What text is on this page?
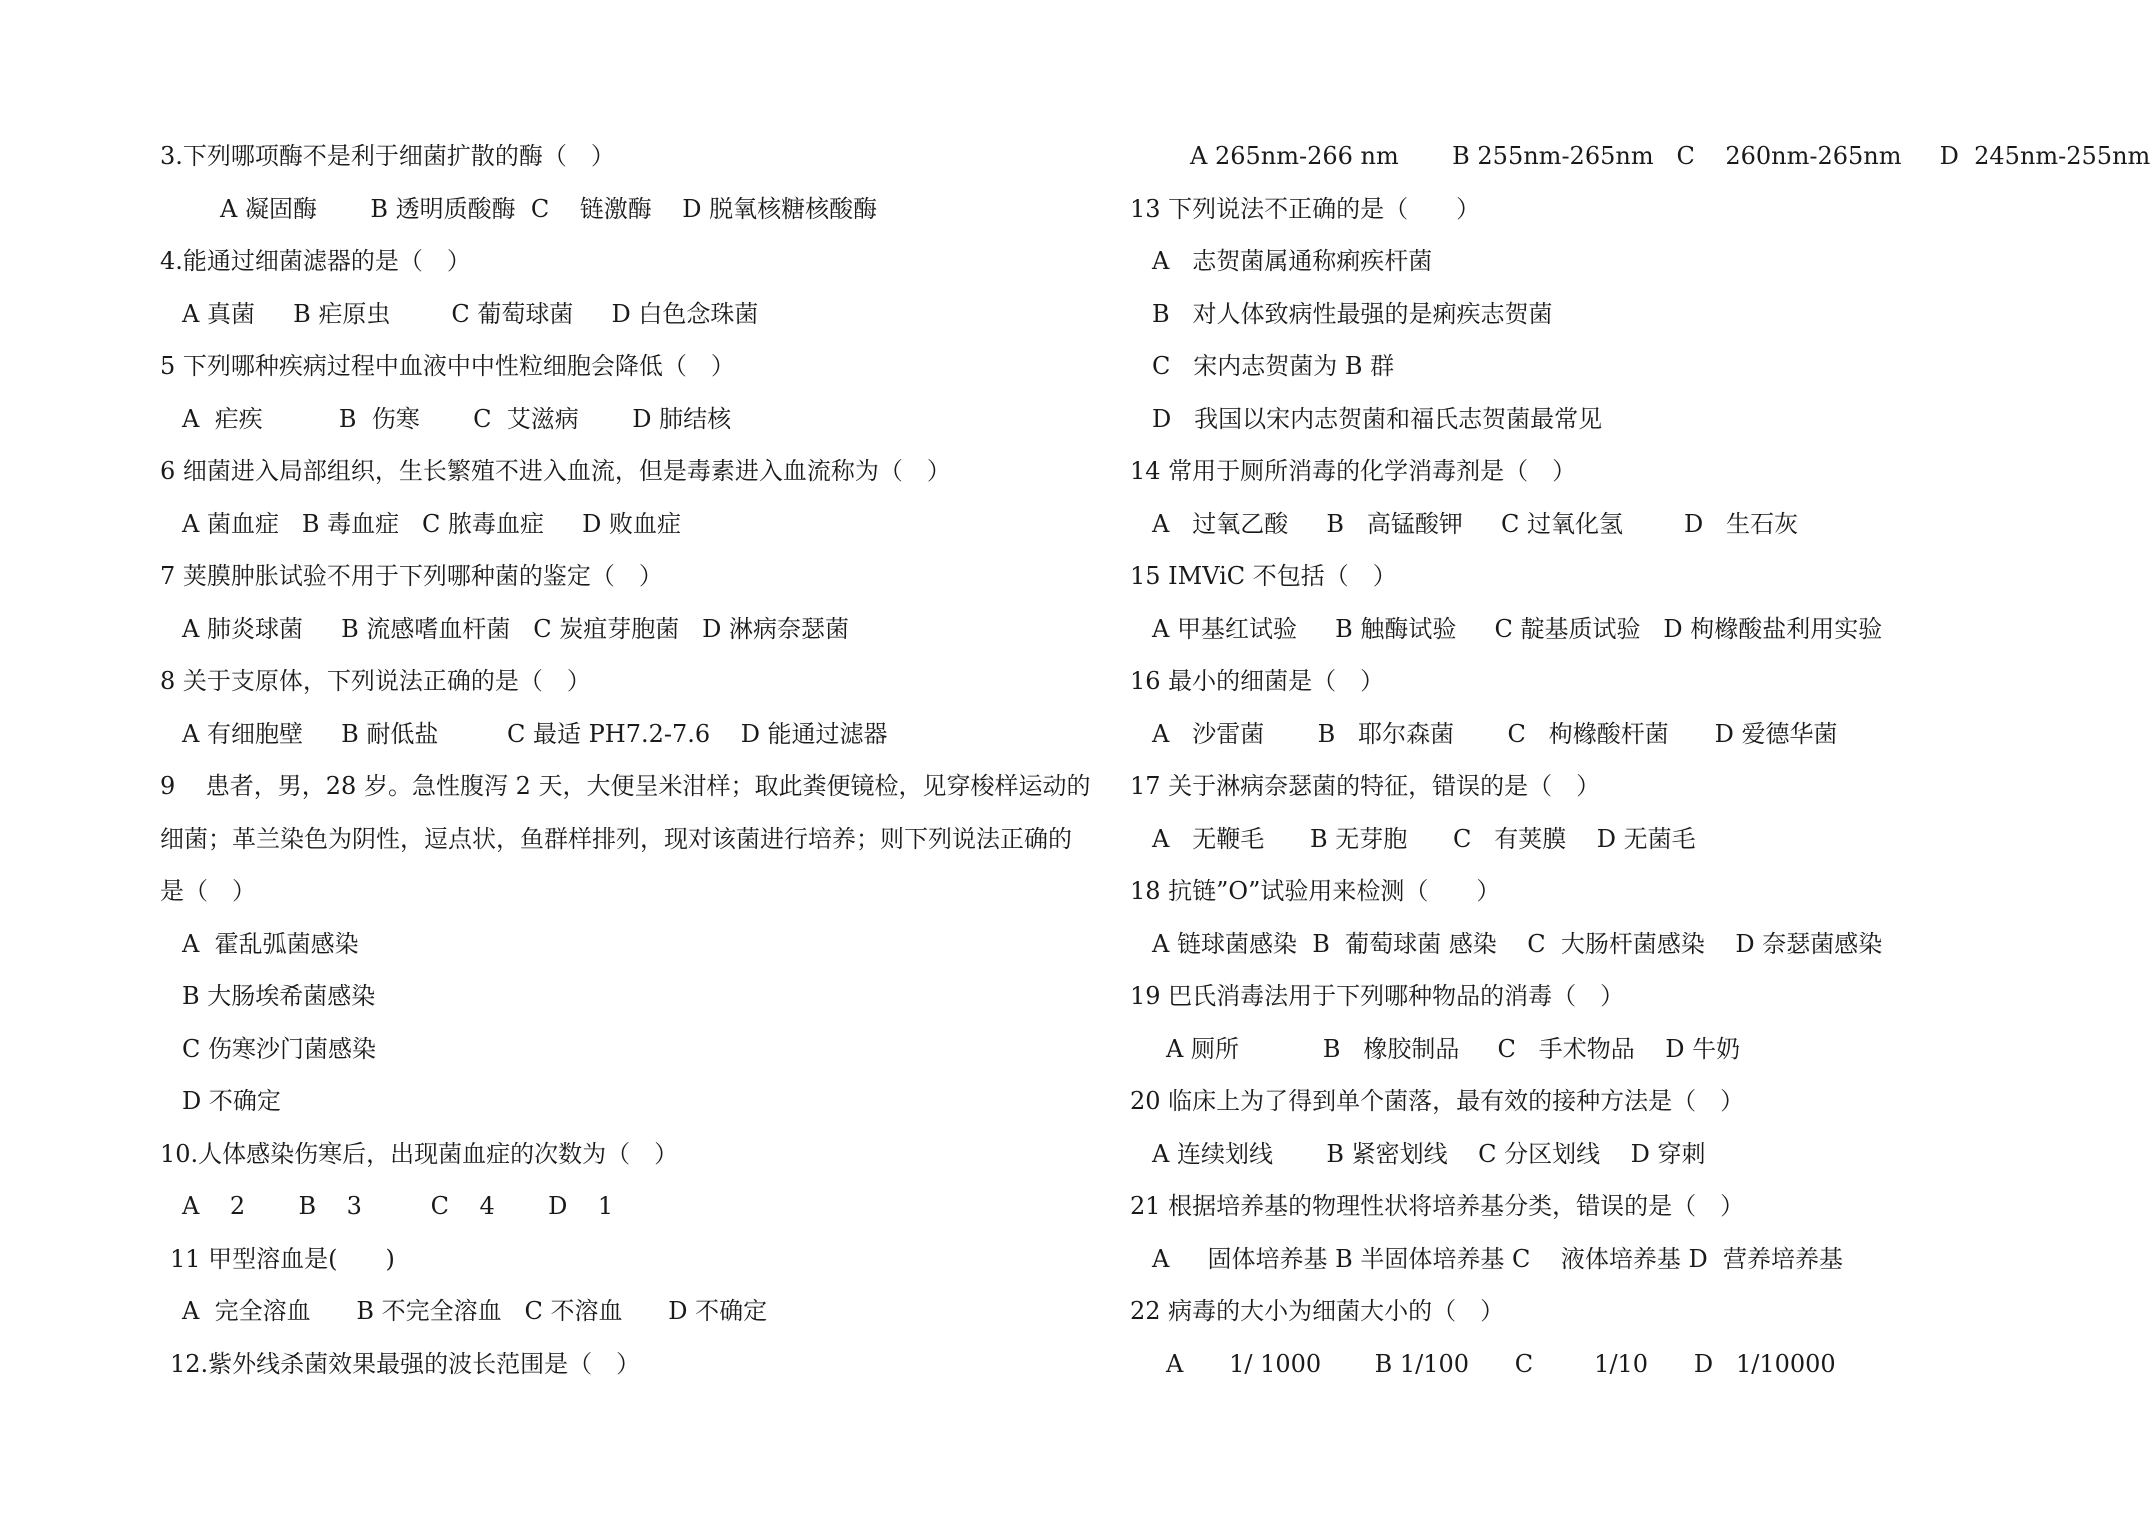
3.下列哪项酶不是利于细菌扩散的酶（　）
A 凝固酶       B 透明质酸酶  C    链激酶    D 脱氧核糖核酸酶
4.能通过细菌滤器的是（　）
A 真菌     B 疟原虫        C 葡萄球菌     D 白色念珠菌
5 下列哪种疾病过程中血液中中性粒细胞会降低（　）
A  疟疾          B  伤寒       C  艾滋病       D 肺结核
6 细菌进入局部组织，生长繁殖不进入血流，但是毒素进入血流称为（　）
A 菌血症   B 毒血症   C 脓毒血症     D 败血症
7 荚膜肿胀试验不用于下列哪种菌的鉴定（　）
A 肺炎球菌     B 流感嗜血杆菌   C 炭疽芽胞菌   D 淋病奈瑟菌
8 关于支原体，下列说法正确的是（　）
A 有细胞壁     B 耐低盐         C 最适 PH7.2-7.6    D 能通过滤器
9    患者，男，28 岁。急性腹泻 2 天，大便呈米泔样；取此粪便镜检，见穿梭样运动的
细菌；革兰染色为阴性，逗点状，鱼群样排列，现对该菌进行培养；则下列说法正确的
是（　）
A  霍乱弧菌感染
B 大肠埃希菌感染
C 伤寒沙门菌感染
D 不确定
10.人体感染伤寒后，出现菌血症的次数为（　）
A    2       B    3         C    4       D    1
11 甲型溶血是(　　)
A  完全溶血      B 不完全溶血   C 不溶血      D 不确定
12.紫外线杀菌效果最强的波长范围是（　）
A 265nm-266 nm       B 255nm-265nm   C    260nm-265nm     D  245nm-255nm
13 下列说法不正确的是（　　）
A   志贺菌属通称痢疾杆菌
B   对人体致病性最强的是痢疾志贺菌
C   宋内志贺菌为 B 群
D   我国以宋内志贺菌和福氏志贺菌最常见
14 常用于厕所消毒的化学消毒剂是（　）
A   过氧乙酸     B   高锰酸钾     C 过氧化氢        D   生石灰
15 IMViC 不包括（　）
A 甲基红试验     B 触酶试验     C 靛基质试验   D 枸橼酸盐利用实验
16 最小的细菌是（　）
A   沙雷菌       B   耶尔森菌       C   枸橼酸杆菌      D 爱德华菌
17 关于淋病奈瑟菌的特征，错误的是（　）
A   无鞭毛      B 无芽胞      C   有荚膜    D 无菌毛
18 抗链”O”试验用来检测（　　）
A 链球菌感染  B  葡萄球菌 感染    C  大肠杆菌感染    D 奈瑟菌感染
19 巴氏消毒法用于下列哪种物品的消毒（　）
A 厕所           B   橡胶制品     C   手术物品    D 牛奶
20 临床上为了得到单个菌落，最有效的接种方法是（　）
A 连续划线       B 紧密划线    C 分区划线    D 穿刺
21 根据培养基的物理性状将培养基分类，错误的是（　）
A     固体培养基 B 半固体培养基 C    液体培养基 D  营养培养基
22 病毒的大小为细菌大小的（　）
A      1/ 1000       B 1/100      C        1/10      D   1/10000
